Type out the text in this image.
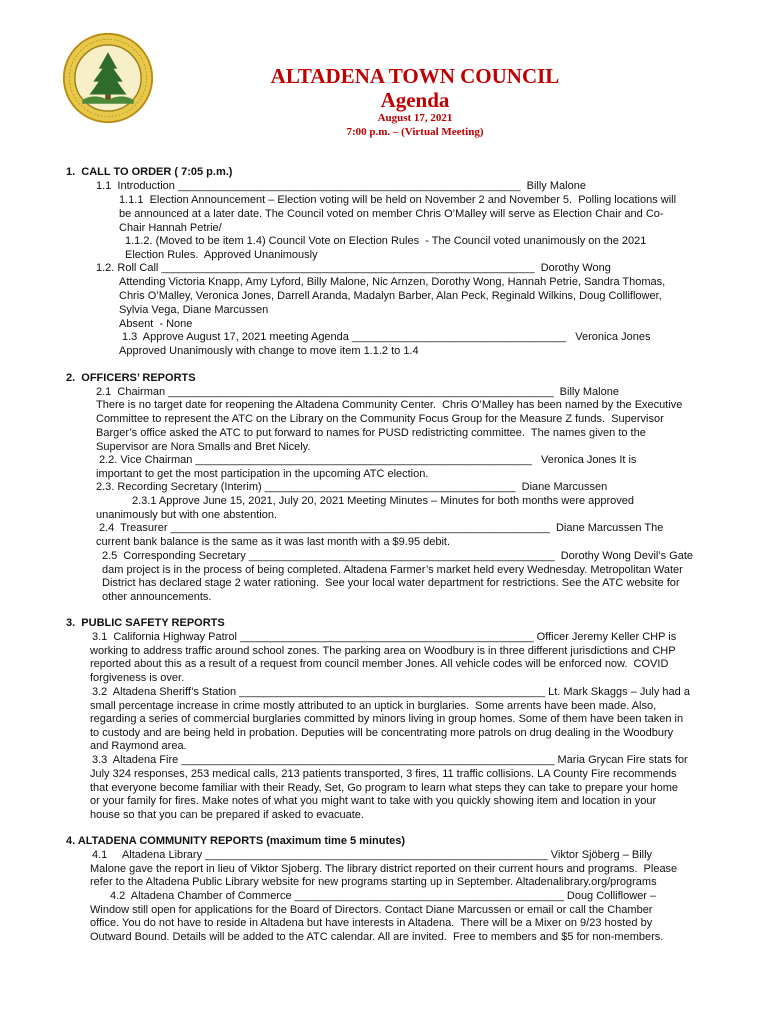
ALTADENA TOWN COUNCIL
Agenda
August 17, 2021
7:00 p.m. – (Virtual Meeting)
1.  CALL TO ORDER ( 7:05 p.m.)
1.1  Introduction ________________________________________________________  Billy Malone
1.1.1  Election Announcement – Election voting will be held on November 2 and November 5.  Polling locations will
be announced at a later date. The Council voted on member Chris O’Malley will serve as Election Chair and Co-
Chair Hannah Petrie/
1.1.2. (Moved to be item 1.4) Council Vote on Election Rules  - The Council voted unanimously on the 2021
Election Rules.  Approved Unanimously
1.2. Roll Call _____________________________________________________________  Dorothy Wong
Attending Victoria Knapp, Amy Lyford, Billy Malone, Nic Arnzen, Dorothy Wong, Hannah Petrie, Sandra Thomas,
Chris O’Malley, Veronica Jones, Darrell Aranda, Madalyn Barber, Alan Peck, Reginald Wilkins, Doug Colliflower,
Sylvia Vega, Diane Marcussen
Absent  - None
1.3  Approve August 17, 2021 meeting Agenda ___________________________________   Veronica Jones
Approved Unanimously with change to move item 1.1.2 to 1.4
2.  OFFICERS’ REPORTS
2.1  Chairman _______________________________________________________________  Billy Malone
There is no target date for reopening the Altadena Community Center.  Chris O’Malley has been named by the Executive
Committee to represent the ATC on the Library on the Community Focus Group for the Measure Z funds.  Supervisor
Barger’s office asked the ATC to put forward to names for PUSD redistricting committee.  The names given to the
Supervisor are Nora Smalls and Bret Nicely.
2.2. Vice Chairman _______________________________________________________   Veronica Jones It is
important to get the most participation in the upcoming ATC election.
2.3. Recording Secretary (Interim) _________________________________________  Diane Marcussen
2.3.1 Approve June 15, 2021, July 20, 2021 Meeting Minutes – Minutes for both months were approved
unanimously but with one abstention.
2.4  Treasurer ______________________________________________________________  Diane Marcussen The
current bank balance is the same as it was last month with a $9.95 debit.
2.5  Corresponding Secretary __________________________________________________  Dorothy Wong Devil’s Gate
dam project is in the process of being completed. Altadena Farmer’s market held every Wednesday. Metropolitan Water
District has declared stage 2 water rationing.  See your local water department for restrictions. See the ATC website for
other announcements.
3.  PUBLIC SAFETY REPORTS
3.1  California Highway Patrol ________________________________________________ Officer Jeremy Keller CHP is
working to address traffic around school zones. The parking area on Woodbury is in three different jurisdictions and CHP
reported about this as a result of a request from council member Jones. All vehicle codes will be enforced now.  COVID
forgiveness is over.
3.2  Altadena Sheriff’s Station __________________________________________________ Lt. Mark Skaggs – July had a
small percentage increase in crime mostly attributed to an uptick in burglaries.  Some arrents have been made. Also,
regarding a series of commercial burglaries committed by minors living in group homes. Some of them have been taken in
to custody and are being held in probation. Deputies will be concentrating more patrols on drug dealing in the Woodbury
and Raymond area.
3.3  Altadena Fire _____________________________________________________________ Maria Grycan Fire stats for
July 324 responses, 253 medical calls, 213 patients transported, 3 fires, 11 traffic collisions. LA County Fire recommends
that everyone become familiar with their Ready, Set, Go program to learn what steps they can take to prepare your home
or your family for fires. Make notes of what you might want to take with you quickly showing item and location in your
house so that you can be prepared if asked to evacuate.
4. ALTADENA COMMUNITY REPORTS (maximum time 5 minutes)
4.1     Altadena Library ________________________________________________________ Viktor Sjöberg – Billy
Malone gave the report in lieu of Viktor Sjoberg. The library district reported on their current hours and programs.  Please
refer to the Altadena Public Library website for new programs starting up in September. Altadenalibrary.org/programs
4.2  Altadena Chamber of Commerce ____________________________________________ Doug Colliflower –
Window still open for applications for the Board of Directors. Contact Diane Marcussen or email or call the Chamber
office. You do not have to reside in Altadena but have interests in Altadena.  There will be a Mixer on 9/23 hosted by
Outward Bound. Details will be added to the ATC calendar. All are invited.  Free to members and $5 for non-members.
